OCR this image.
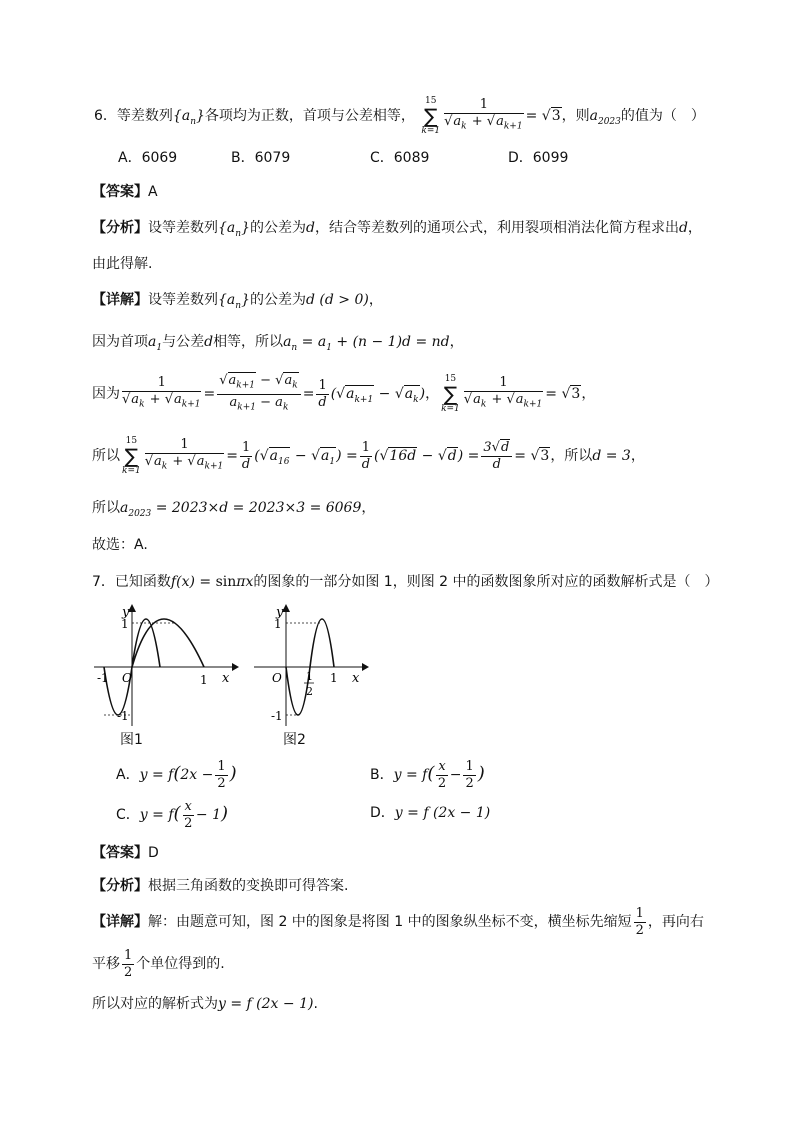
6．等差数列$\{a_n\}$各项均为正数，首项与公差相等，
15
∑
$k=1 \frac{1}{√a_k + √a_{k+1}} = √3$，则$a_{2023}$的值为（　）
A．6069	B．6079	C．6089	D．6099
【答案】A
【分析】设等差数列$\{a_n\}$的公差为d，结合等差数列的通项公式，利用裂项相消法化简方程求出d，
由此得解.
【详解】设等差数列$\{a_n\}$的公差为d (d > 0)，
因为首项$a_1$与公差d相等，所以$a_n = a_1 + (n - 1)d$ = nd，
因为 $\frac{1}{√a_k + √a_{k+1}} = \frac{√a_{k+1} - √a_k}{a_{k+1} - a_k} = \frac{1}{d} (√a_{k+1} - √a_k)$，
15
∑
$k=1 \frac{1}{√a_k + √a_{k+1}} = √3$，
所以
15
∑
$k=1 \frac{1}{√a_k + √a_{k+1}} = \frac{1}{d} (√a_{16} - √a_1) = \frac{1}{d} (√16d - √d) = \frac{3√d}{d} = √3$，所以d = 3，
所以$a_{2023} = 2023\times d = 2023\times 3 = 6069$，
故选：A.
7．已知函数f(x) = sinπx的图象的一部分如图 1，则图 2 中的函数图象所对应的函数解析式是（　）
y
1
-1
-1 O	1 x
图1
y
1
-1
O 1
2
1 x
图2
A．$y = f(2x - \frac{1}{2}$ )	B．$y = f( \frac{x}{2} - \frac{1}{2}$ )
C．$y = f( \frac{x}{2} - 1)$	D．y = f (2x − 1)
【答案】D
【分析】根据三角函数的变换即可得答案.
【详解】解：由题意可知，图 2 中的图象是将图 1 中的图象纵坐标不变，横坐标先缩短 $\frac{1}{2}$ ，再向右
平移 $\frac{1}{2}$ 个单位得到的.
所以对应的解析式为y = f (2x − 1).
